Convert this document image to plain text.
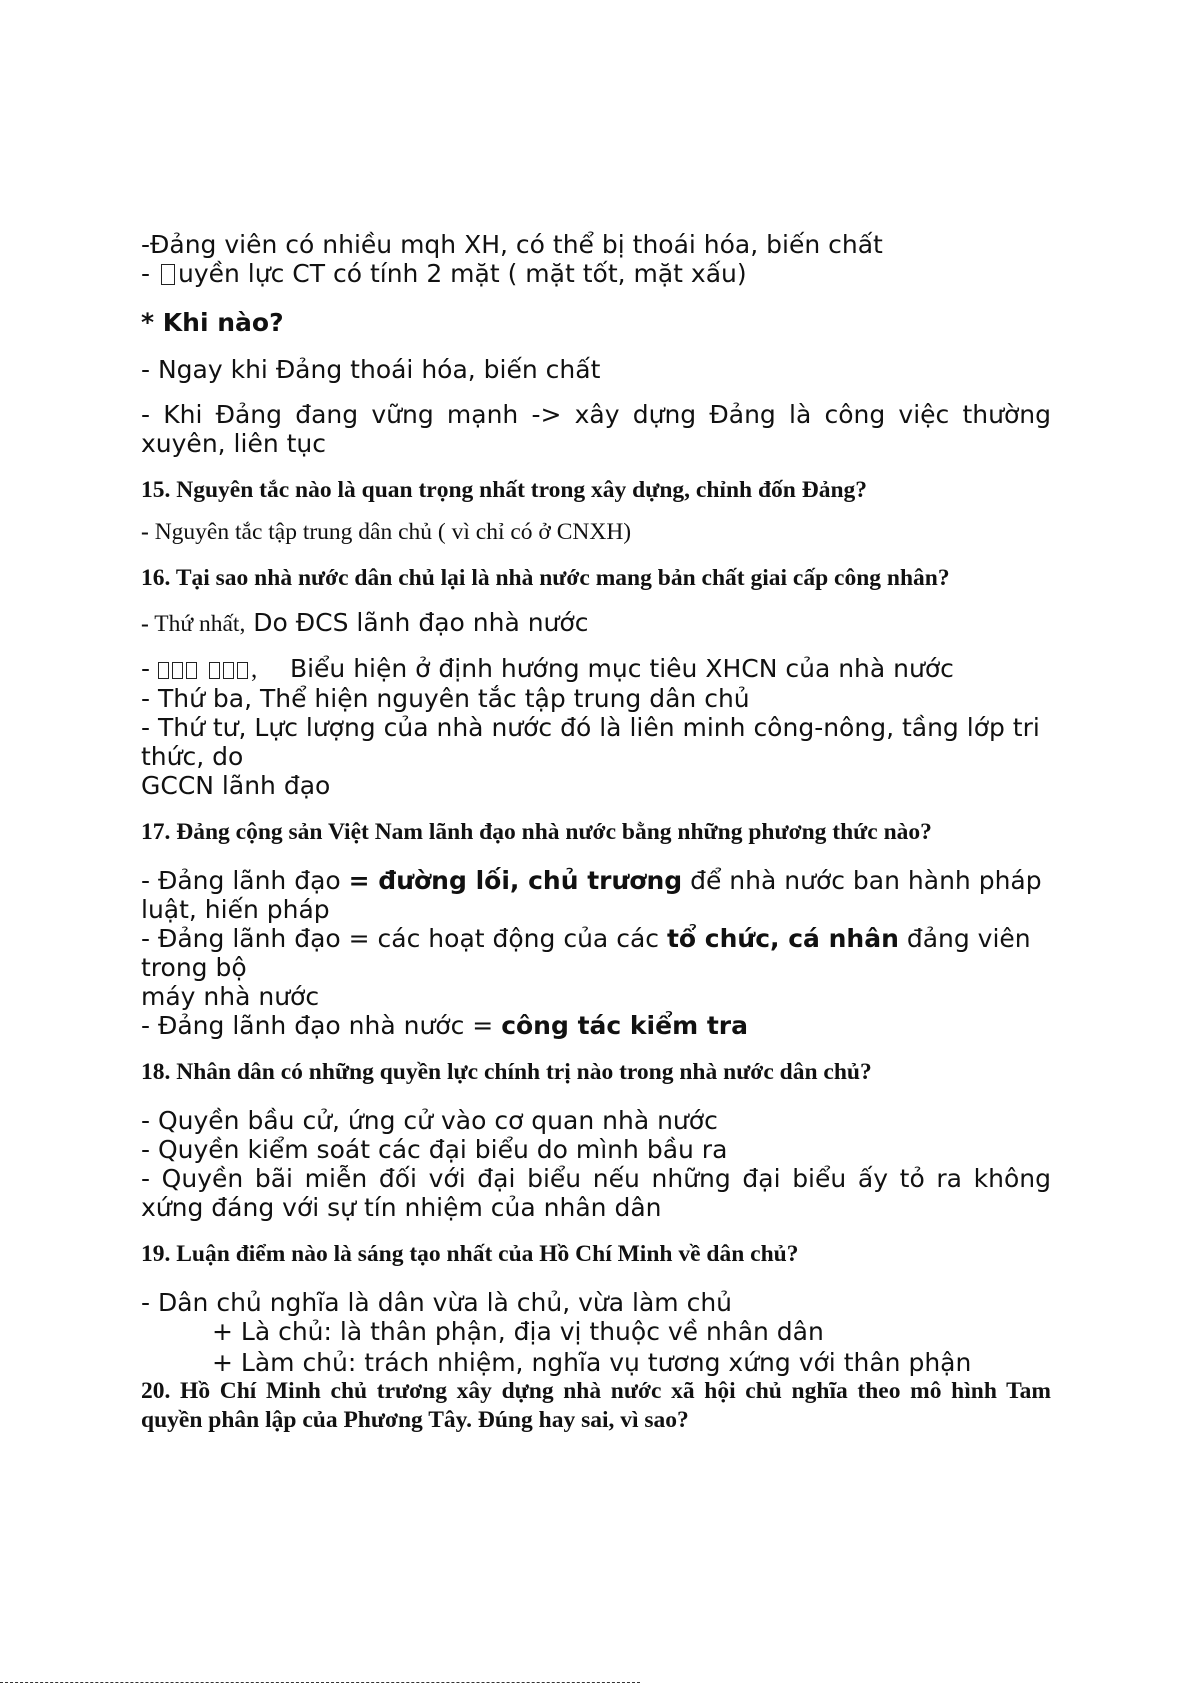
-Đảng viên có nhiều mqh XH, có thể bị thoái hóa, biến chất
- uyền lực CT có tính 2 mặt ( mặt tốt, mặt xấu)
* Khi nào?
- Ngay khi Đảng thoái hóa, biến chất
- Khi Đảng đang vững mạnh -> xây dựng Đảng là công việc thường xuyên, liên tục
15. Nguyên tắc nào là quan trọng nhất trong xây dựng, chỉnh đốn Đảng?
- Nguyên tắc tập trung dân chủ ( vì chỉ có ở CNXH)
16. Tại sao nhà nước dân chủ lại là nhà nước mang bản chất giai cấp công nhân?
- Thứ nhất, Do ĐCS lãnh đạo nhà nước
-	, Biểu hiện ở định hướng mục tiêu XHCN của nhà nước
- Thứ ba, Thể hiện nguyên tắc tập trung dân chủ
- Thứ tư, Lực lượng của nhà nước đó là liên minh công-nông, tầng lớp tri thức, do
GCCN lãnh đạo
17. Đảng cộng sản Việt Nam lãnh đạo nhà nước bằng những phương thức nào?
- Đảng lãnh đạo = đường lối, chủ trương để nhà nước ban hành pháp luật, hiến pháp
- Đảng lãnh đạo = các hoạt động của các tổ chức, cá nhân đảng viên trong bộ
máy nhà nước
- Đảng lãnh đạo nhà nước = công tác kiểm tra
18. Nhân dân có những quyền lực chính trị nào trong nhà nước dân chủ?
- Quyền bầu cử, ứng cử vào cơ quan nhà nước
- Quyền kiểm soát các đại biểu do mình bầu ra
- Quyền bãi miễn đối với đại biểu nếu những đại biểu ấy tỏ ra không xứng đáng với sự tín nhiệm của nhân dân
19. Luận điểm nào là sáng tạo nhất của Hồ Chí Minh về dân chủ?
- Dân chủ nghĩa là dân vừa là chủ, vừa làm chủ
+ Là chủ: là thân phận, địa vị thuộc về nhân dân
+ Làm chủ: trách nhiệm, nghĩa vụ tương xứng với thân phận
20. Hồ Chí Minh chủ trương xây dựng nhà nước xã hội chủ nghĩa theo mô hình Tam quyền phân lập của Phương Tây. Đúng hay sai, vì sao?
